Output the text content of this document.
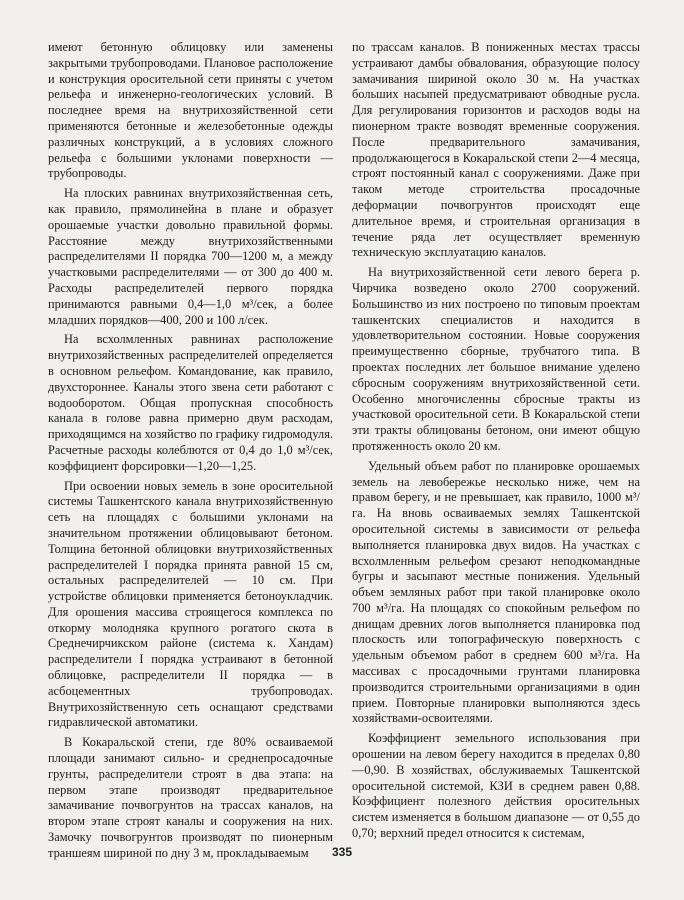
имеют бетонную облицовку или заменены закрытыми трубопроводами. Плановое расположение и конструкция оросительной сети приняты с учетом рельефа и инженерно-геологических условий. В последнее время на внутрихозяйственной сети применяются бетонные и железобетонные одежды различных конструкций, а в условиях сложного рельефа с большими уклонами поверхности — трубопроводы.

На плоских равнинах внутрихозяйственная сеть, как правило, прямолинейна в плане и образует орошаемые участки довольно правильной формы. Расстояние между внутрихозяйственными распределителями II порядка 700—1200 м, а между участковыми распределителями — от 300 до 400 м. Расходы распределителей первого порядка принимаются равными 0,4—1,0 м³/сек, а более младших порядков—400, 200 и 100 л/сек.

На всхолмленных равнинах расположение внутрихозяйственных распределителей определяется в основном рельефом. Командование, как правило, двухстороннее. Каналы этого звена сети работают с водооборотом. Общая пропускная способность канала в голове равна примерно двум расходам, приходящимся на хозяйство по графику гидромодуля. Расчетные расходы колеблются от 0,4 до 1,0 м³/сек, коэффициент форсировки—1,20—1,25.

При освоении новых земель в зоне оросительной системы Ташкентского канала внутрихозяйственную сеть на площадях с большими уклонами на значительном протяжении облицовывают бетоном. Толщина бетонной облицовки внутрихозяйственных распределителей I порядка принята равной 15 см, остальных распределителей — 10 см. При устройстве облицовки применяется бетоноукладчик. Для орошения массива строящегося комплекса по откорму молодняка крупного рогатого скота в Среднечирчикском районе (система к. Хандам) распределители I порядка устраивают в бетонной облицовке, распределители II порядка — в асбоцементных трубопроводах. Внутрихозяйственную сеть оснащают средствами гидравлической автоматики.

В Кокаральской степи, где 80% осваиваемой площади занимают сильно- и среднепросадочные грунты, распределители строят в два этапа: на первом этапе производят предварительное замачивание почвогрунтов на трассах каналов, на втором этапе строят каналы и сооружения на них. Замочку почвогрунтов производят по пионерным траншеям шириной по дну 3 м, прокладываемым

по трассам каналов. В пониженных местах трассы устраивают дамбы обвалования, образующие полосу замачивания шириной около 30 м. На участках больших насыпей предусматривают обводные русла. Для регулирования горизонтов и расходов воды на пионерном тракте возводят временные сооружения. После предварительного замачивания, продолжающегося в Кокаральской степи 2—4 месяца, строят постоянный канал с сооружениями. Даже при таком методе строительства просадочные деформации почвогрунтов происходят еще длительное время, и строительная организация в течение ряда лет осуществляет временную техническую эксплуатацию каналов.

На внутрихозяйственной сети левого берега р. Чирчика возведено около 2700 сооружений. Большинство из них построено по типовым проектам ташкентских специалистов и находится в удовлетворительном состоянии. Новые сооружения преимущественно сборные, трубчатого типа. В проектах последних лет большое внимание уделено сбросным сооружениям внутрихозяйственной сети. Особенно многочисленны сбросные тракты из участковой оросительной сети. В Кокаральской степи эти тракты облицованы бетоном, они имеют общую протяженность около 20 км.

Удельный объем работ по планировке орошаемых земель на левобережье несколько ниже, чем на правом берегу, и не превышает, как правило, 1000 м³/га. На вновь осваиваемых землях Ташкентской оросительной системы в зависимости от рельефа выполняется планировка двух видов. На участках с всхолмленным рельефом срезают неподкомандные бугры и засыпают местные понижения. Удельный объем земляных работ при такой планировке около 700 м³/га. На площадях со спокойным рельефом по днищам древних логов выполняется планировка под плоскость или топографическую поверхность с удельным объемом работ в среднем 600 м³/га. На массивах с просадочными грунтами планировка производится строительными организациями в один прием. Повторные планировки выполняются здесь хозяйствами-освоителями.

Коэффициент земельного использования при орошении на левом берегу находится в пределах 0,80—0,90. В хозяйствах, обслуживаемых Ташкентской оросительной системой, КЗИ в среднем равен 0,88. Коэффициент полезного действия оросительных систем изменяется в большом диапазоне — от 0,55 до 0,70; верхний предел относится к системам,

335
